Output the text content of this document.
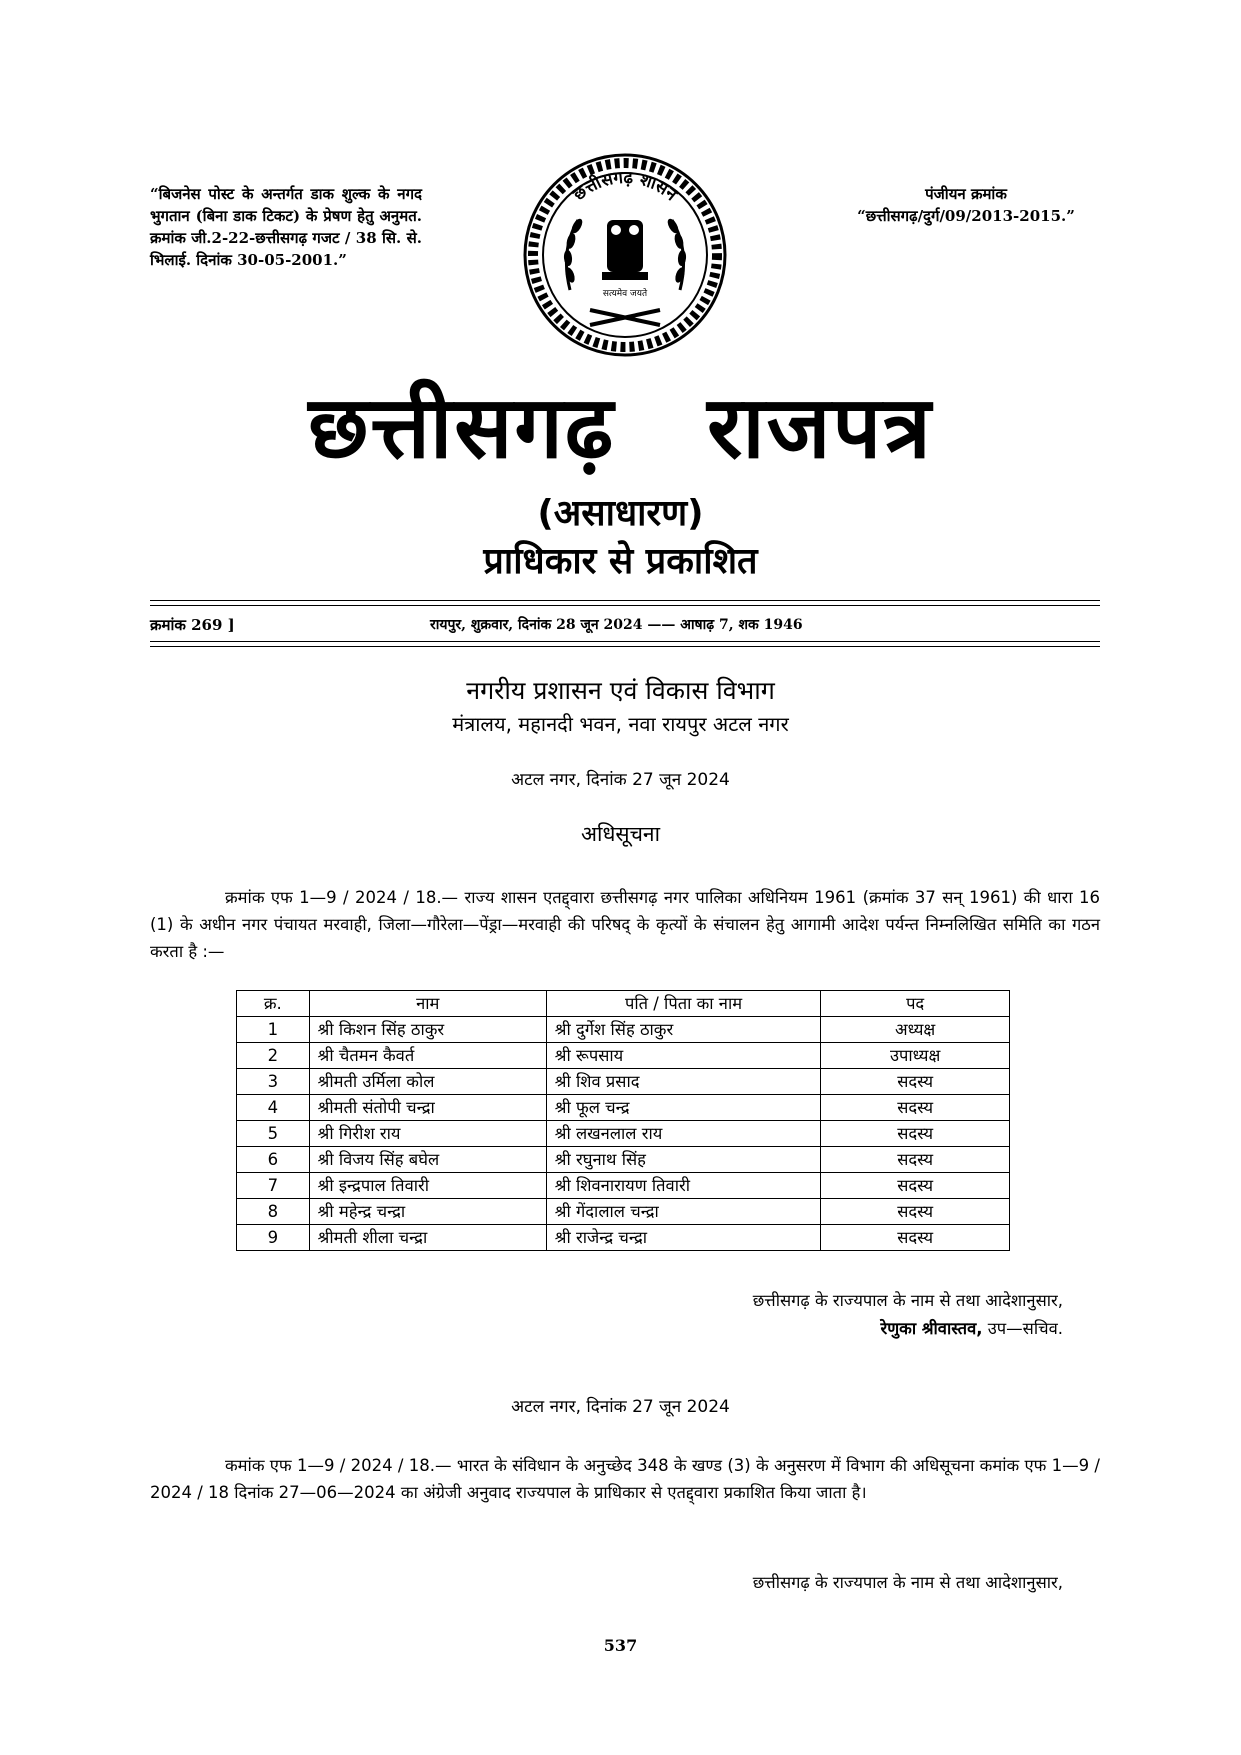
“बिजनेस पोस्ट के अन्तर्गत डाक शुल्क के नगद भुगतान (बिना डाक टिकट) के प्रेषण हेतु अनुमत. क्रमांक जी.2-22-छत्तीसगढ़ गजट / 38 सि. से. भिलाई. दिनांक 30-05-2001.”
छत्तीसगढ़ शासन
सत्यमेव जयते
पंजीयन क्रमांक
“छत्तीसगढ़/दुर्ग/09/2013-2015.”
छत्तीसगढ़ राजपत्र
(असाधारण)
प्राधिकार से प्रकाशित
क्रमांक 269 ]	रायपुर, शुक्रवार, दिनांक 28 जून 2024 —— आषाढ़ 7, शक 1946
नगरीय प्रशासन एवं विकास विभाग
मंत्रालय, महानदी भवन, नवा रायपुर अटल नगर
अटल नगर, दिनांक 27 जून 2024
अधिसूचना
क्रमांक एफ 1—9 / 2024 / 18.— राज्य शासन एतद्द्वारा छत्तीसगढ़ नगर पालिका अधिनियम 1961 (क्रमांक 37 सन् 1961) की धारा 16 (1) के अधीन नगर पंचायत मरवाही, जिला—गौरेला—पेंड्रा—मरवाही की परिषद् के कृत्यों के संचालन हेतु आगामी आदेश पर्यन्त निम्नलिखित समिति का गठन करता है :—
क्र.	नाम	पति / पिता का नाम	पद
1	श्री किशन सिंह ठाकुर	श्री दुर्गेश सिंह ठाकुर	अध्यक्ष
2	श्री चैतमन कैवर्त	श्री रूपसाय	उपाध्यक्ष
3	श्रीमती उर्मिला कोल	श्री शिव प्रसाद	सदस्य
4	श्रीमती संतोपी चन्द्रा	श्री फूल चन्द्र	सदस्य
5	श्री गिरीश राय	श्री लखनलाल राय	सदस्य
6	श्री विजय सिंह बघेल	श्री रघुनाथ सिंह	सदस्य
7	श्री इन्द्रपाल तिवारी	श्री शिवनारायण तिवारी	सदस्य
8	श्री महेन्द्र चन्द्रा	श्री गेंदालाल चन्द्रा	सदस्य
9	श्रीमती शीला चन्द्रा	श्री राजेन्द्र चन्द्रा	सदस्य
छत्तीसगढ़ के राज्यपाल के नाम से तथा आदेशानुसार,
रेणुका श्रीवास्तव, उप—सचिव.
अटल नगर, दिनांक 27 जून 2024
कमांक एफ 1—9 / 2024 / 18.— भारत के संविधान के अनुच्छेद 348 के खण्ड (3) के अनुसरण में विभाग की अधिसूचना कमांक एफ 1—9 / 2024 / 18 दिनांक 27—06—2024 का अंग्रेजी अनुवाद राज्यपाल के प्राधिकार से एतद्द्वारा प्रकाशित किया जाता है।
छत्तीसगढ़ के राज्यपाल के नाम से तथा आदेशानुसार,
537
